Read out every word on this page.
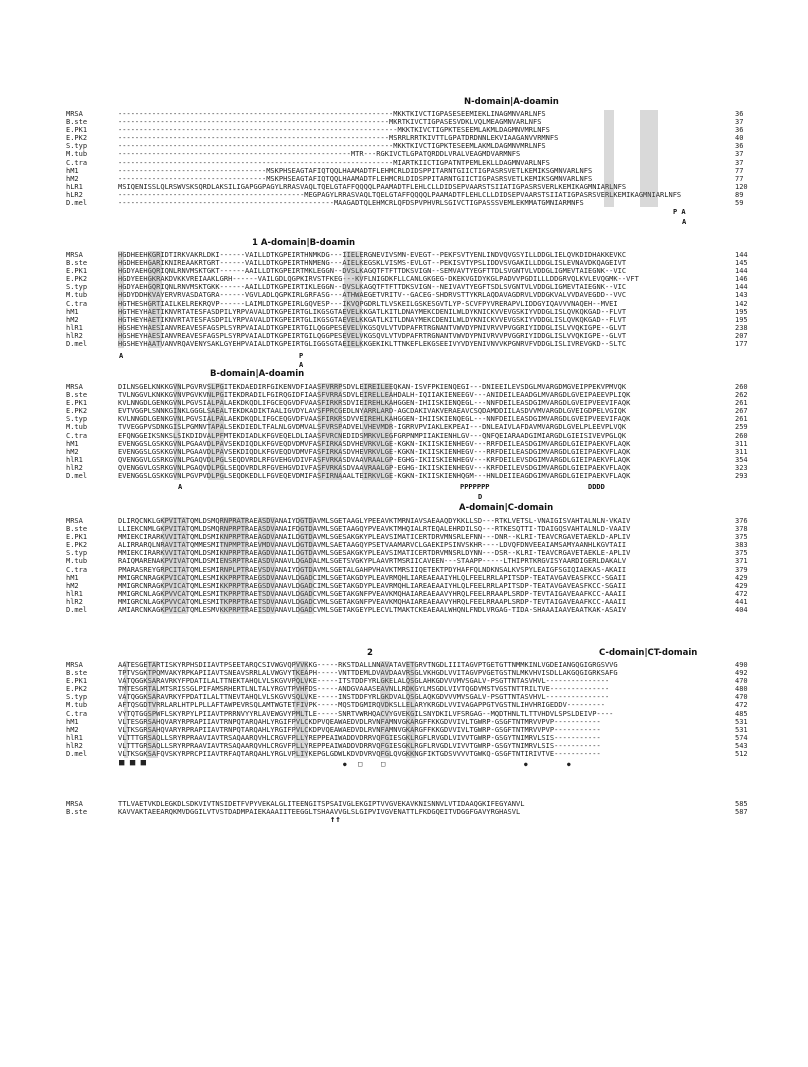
N-domain|A-doamin
MRSA	-----------------------------------------------------------------MKKTKIVCTIGPASESEEMIEKLINAGMNVARLNFS	36
B.ste	----------------------------------------------------------------MKRTKIVCTIGPASESVDKLVQLMEAGMNVARLNFS	37
E.PK1	------------------------------------------------------------------MKKTKIVCTIGPKTESEEMLAKMLDAGMNVMRLNFS	36
E.PK2	----------------------------------------------------------------MSRRLRRTKIVTTLGPATDRDNNLEKVIAAGANVVRMNFS	40
S.typ	-----------------------------------------------------------------MKKTKIVCTIGPKTESEEMLAKMLDAGMNVMRLNFS	36
M.tub	-------------------------------------------------------MTR---RGKIVCTLGPATQRDDLVRALVEAGMDVARMNFS	37
C.tra	-----------------------------------------------------------------MIARTKIICTIGPATNTPEMLEKLLDAGMNVARLNFS	37
hM1	-----------------------------------MSKPHSEAGTAFIQTQQLHAAMADTFLEHMCRLDIDSPPITARNTGIICTIGPASRSVETLKEMIKSGMNVARLNFS	77
hM2	-----------------------------------MSKPHSEAGTAFIQTQQLHAAMADTFLEHMCRLDIDSPPITARNTGIICTIGPASRSVETLKEMIKSGMNVARLNFS	77
hLR1	MSIQENISSLQLRSWVSKSQRDLAKSILIGAPGGPAGYLRRASVAQLTQELGTAFFQQQQLPAAMADTFLEHLCLLDIDSEPVAARSTSIIATIGPASRSVERLKEMIKAGMNIARLNFS	120
hLR2	--------------------------------------------MEGPAGYLRRASVAQLTQELGTAFFQQQQLPAAMADTFLEHLCLLDIDSEPVAARSTSIIATIGPASRSVERLKEMIKAGMNIARLNFS	89
D.mel	---------------------------------------------------MAAGADTQLEHMCRLQFDSPVPHVRLSGIVCTIGPASSSVEMLEKMMATGMNIARMNFS	59
P A
A
1 A-domain|B-doamin
MRSA	HGDHEEHKGRIDTIRKVAKRLDKI------VAILLDTKGPEIRTHNMKDG---IIELERGNEVIVSMN-EVEGT--PEKFSVTYENLINDVQVGSYILLDDGLIELQVKDIDHAKKEVKC	144
B.ste	HGDHEEHGARIKNIREAAKRTGRT------VAILLDTKGPEIRTHNMENG---AIELKEGSKLVISMS-EVLGT--PEKISVTYPSLIDDVSVGAKILLDDGLISLEVNAVDKQAGEIVT	145
E.PK1	HGDYAEHGQRIQNLRNVMSKTGKT------AAILLDTKGPEIRTMKLEGGN--DVSLKAGQTFTFTTDKSVIGN--SEMVAVTYEGFTTDLSVGNTVLVDDGLIGMEVTAIEGNK--VIC	144
E.PK2	HGDYEEHGKRAKDVKKVREIAAKLGRH------VAILGDLQGPKIRVSTFKEG---KVFLNIGDKFLLCANLGKGEG-DKEKVGIDYKGLPADVVPGDILLLDDGRVQLKVLEVQGMK--VFT	146
S.typ	HGDYAEHGQRIQNLRNVMSKTGKK------AAILLDTKGPEIRTIKLEGGN--DVSLKAGQTFTFTTDKSVIGN--NEIVAVTYEGFTSDLSVGNTVLVDDGLIGMEVTAIEGNK--VIC	144
M.tub	HGDYDDHKVAYERVRVASDATGRA------VGVLADLQGPKIRLGRFASG---ATHWAEGETVRITV--GACEG-SHDRVSTTYKRLAQDAVAGDRVLVDDGKVALVVDAVEGDD--VVC	143
C.tra	HGTHESHGRTIAILKELREKRQVP------LAIMLDTKGPEIRLGQVESP---IKVQPGDRLTLVSKEILGSKESGVTLYP-SCVFPYVRERAPVLIDDGYIQAVVVNAQEH--MVEI	142
hM1	HGTHEYHAETIKNVRTATESFASDPILYRPVAVALDTKGPEIRTGLIKGSGTAEVELKKGATLKITLDNAYMEKCDENILWLDYKNICKVVEVGSKIYVDDGLISLQVKQKGAD--FLVT	195
hM2	HGTHEYHAETIKNVRTATESFASDPILYRPVAVALDTKGPEIRTGLIKGSGTAEVELKKGATLKITLDNAYMEKCDENILWLDYKNICKVVEVGSKIYVDDGLISLQVKQKGAD--FLVT	195
hlR1	HGSHEYHAESIANVREAVESFAGSPLSYRPVAIALDTKGPEIRTGILQGGPESEVELVKGSQVLVTVDPAFRTRGNANTVWVDYPNIVRVVPVGGRIYIDDGLISLVVQKIGPE--GLVT	238
hlR2	HGSHEYHAESIANVREAVESFAGSPLSYRPVAIALDTKGPEIRTGILQGGPESEVELVKGSQVLVTVDPAFRTRGNANTVWVDYPNIVRVVPVGGRIYIDDGLISLVVQKIGPE--GLVT	207
D.mel	HGSHEYHAATVANVRQAVENYSAKLGYEHPVAIALDTKGPEIRTGLIGGSGTAEIELKKGEKIKLTTNKEFLEKGSEEIVYVDYENIVNVVKPGNRVFVDDGLISLIVREVGKD--SLTC	177
A	P
A
B-domain|A-doamin
MRSA	DILNSGELKNKKGVNLPGVRVSLPGITEKDAEDIRFGIKENVDFIAASFVRRPSDVLEIREILEEQKAN-ISVFPKIENQEGI---DNIEEILEVSDGLMVARGDMGVEIPPEKVPMVQK	260
B.ste	TVLNGGVLKNKKGVNVPGVKVNLPGITEKDRADILFGIRQGIDFIAASFVRRASDVLEIRELLEAHDALH-IQIIAKIENEEGV---ANIDEILEAADGLMVARGDLGVEIPAEEVPLIQK	262
E.PK1	KVLNNGDLGENKGVNLPGVSIALPALAEKDKQDLIFGCEQGVDFVAASFIRKRSDVIEIREHLKAHGGEN-IHIISKIENQEGL---NNFDEILEASDGIMVARGDLGVEIPVEEVIFAQK	261
E.PK2	EVTVGGPLSNNKGINKLGGGLSAEALTEKDKADIKTAALIGVDYLAVSFPRCGEDLNYARRLARD-AGCDAKIVAKVERAEAVCSQDAMDDIILASDVVMVARGDLGVEIGDPELVGIQK	267
S.typ	KVLNNGDLGENKGVNLPGVSIALPALAEKDKQDLIFGCEQGVDFVAASFIRKRSDVVEIREHLKAHGGEN-IHIISKIENQEGL---NNFDEILEASDGIMVARGDLGVEIPVEEVIFAQK	261
M.tub	TVVEGGPVSDNKGISLPGMNVTAPALSEKDIEDLTFALNLGVDMVALSFVRSPADVELVHEVMDR-IGRRVPVIAKLEKPEAI---DNLEAIVLAFDAVMVARGDLGVELPLEEVPLVQK	259
C.tra	EFQNGGEIKSNKSLSIKDIDVALPFMTEKDIADLKFGVEQELDLIAASFVRCNEDIDSMRKVLEGFGRPNMPIIAKIENHLGV---QNFQEIARAADGIMIARGDLGIEISIVEVPGLQK	260
hM1	EVENGGSLGSKKGVNLPGAAVDLPAVSEKDIQDLKFGVEQDVDMVFASFIRKASDVHEVRKVLGE-KGKN-IKIISKIENHEGV---RRFDEILEASDGIMVARGDLGIEIPAEKVFLAQK	311
hM2	EVENGGSLGSKKGVNLPGAAVDLPAVSEKDIQDLKFGVEQDVDMVFASFIRKASDVHEVRKVLGE-KGKN-IKIISKIENHEGV---RRFDEILEASDGIMVARGDLGIEIPAEKVFLAQK	311
hlR1	QVENGGVLGSRKGVNLPGAQVDLPGLSEQDVRDLRFGVEHGVDIVFASFVRKASDVAAVRAALGP-EGHG-IKIISKIENHEGV---KRFDEILEVSDGIMVARGDLGIEIPAEKVFLAQK	354
hlR2	QVENGGVLGSRKGVNLPGAQVDLPGLSEQDVRDLRFGVEHGVDIVFASFVRKASDVAAVRAALGP-EGHG-IKIISKIENHEGV---KRFDEILEVSDGIMVARGDLGIEIPAEKVFLAQK	323
D.mel	EVENGGSLGSKKGVNLPGVPVDLPGLSEQDKEDLLFGVEQEVDMIFASFIRNAAALTEIRKVLGE-KGKN-IKIISKIENHQGM---HNLDEIIEAGDGIMVARGDLGIEIPAEKVFLAQK	293
A	PPPPPPP	DDDD
D
A-domain|C-domain
MRSA	DLIRQCNKLGKPVITATQMLDSMQRNPRATRAEASDVANAIYDGTDAVMLSGETAAGLYPEEAVKTMRNIAVSAEAAQDYKKLLSD---RTKLVETSL-VNAIGISVAHTALNLN-VKAIV	376
B.ste	LLIEKCNMLGKPVITATQMLDSMQRNPRPTRAEASDVANAIFDGTDAVMLSGETAAGQYPVEAVKTMHQIALRTEQALEHRDILSQ---RTKESQTTI-TDAIGQSVAHTALNLD-VAAIV	378
E.PK1	MMIEKCIRARKVVITATQMLDSMIKNPRPTRAEAGDVANAILDGTDAVMLSGESAKGKYPLEAVSIMATICERTDRVMNSRLEFNN---DNR--KLRI-TEAVCRGAVETAEKLD-APLIV	375
E.PK2	ALIRRARQLNRAVITATQMMESMITNPMPTRAEVMDVANAVLDGTDAVMLSAETAAGQYPSETVAAMARVCLGAEKIPSINVSKHR----LDVQFDNVEEAIAMSAMYAANHLKGVTAII	383
S.typ	MMIEKCIRARKVVITATQMLDSMIKNPRPTRAEAGDVANAILDGTDAVMLSGESAKGKYPLEAVSIMATICERTDRVMNSRLDYNN---DSR--KLRI-TEAVCRGAVETAEKLE-APLIV	375
M.tub	RAIQMARENAKPVIVATQMLDSMIENSRPTRAEASDVANAVLDGADALMLSGETSVGKYPLAAVRTMSRIICAVEEN---STAAPP-----LTHIPRTKRGVISYAARDIGERLDAKALV	371
C.tra	PMARASREYGRPCITATQMLESMIRNPLPTRAEVSDVANAIYDGTDAVMLSGETALGAHPVHAVKTMRSIIQETEKTPDYHAFFQLNDKNSALKVSPYLEAIGFSGIQIAEKAS-AKAII	379
hM1	MMIGRCNRAGKPVICATQMLESMIKKPRPTRAEGSDVANAVLDGADCIMLSGETAKGDYPLEAVRMQHLIAREAEAAIYHLQLFEELRRLAPITSDP-TEATAVGAVEASFKCC-SGAII	429
hM2	MMIGRCNRAGKPVICATQMLESMIKKPRPTRAEGSDVANAVLDGADCIMLSGETAKGDYPLEAVRMQHLIAREAEAAIYHLQLFEELRRLAPITSDP-TEATAVGAVEASFKCC-SGAII	429
hlR1	MMIGRCNLAGKPVVCATQMLESMITKPRPTRAETSDVANAVLDGADCVMLSGETAKGNFPVEAVKMQHAIAREAEAAVYHRQLFEELRRAAPLSRDP-TEVTAIGAVEAAFKCC-AAAII	472
hlR2	MMIGRCNLAGKPVVCATQMLESMITKPRPTRAETSDVANAVLDGADCVMLSGETAKGNFPVEAVKMQHAIAREAEAAVYHRQLFEELRRAAPLSRDP-TEVTAIGAVEAAFKCC-AAAII	441
D.mel	AMIARCNKAGKPVICATQMLESMVKKPRPTRAEISDVANAVLDGADCVMLSGETAKGEYPLECVLTMAKTCKEAEAALWHQNLFNDLVRGAG-TIDA-SHAAAIAAVEAATKAK-ASAIV	404
2	C-domain|CT-domain
MRSA	AATESGETARTISKYRPHSDIIAVTPSEETARQCSIVWGVQPVVKKG-----RKSTDALLNNAVATAVETGRVTNGDLIIITAGVPTGETGTTNMMKINLVGDEIANGQGIGRGSVVG	490
B.ste	TPTVSGKTPQMVAKYRPKAPIIAVTSNEAVSRRLALVWGVYTKEAPH-----VNTTDEMLDVAVDAAVRSGLVKHGDLVVITAGVPVGETGSTNLMKVHVISDLLAKGQGIGRKSAFG	492
E.PK1	VATQGGKSARAVRKYFPDATILALTTNEKTAHQLVLSKGVVPQLVKE-----ITSTDDFYRLGKELALQSGLAHKGDVVVMVSGALV-PSGTTNTASVHVL---------------	470
E.PK2	TMTESGRTALMTSRISSGLPIFAMSRHERTLNLTALYRGVTPVHFDS-----ANDGVAAASEAVNLLRDKGYLMSGDLVIVTQGDVMSTVGSTNTTRILTVE--------------	480
S.typ	VATQGGKSARAVRKYFPDATILALTTNEVTAHQLVLSKGVVSQLVKE-----INSTDDFYRLGKDVALQSGLAQKGDVVVMVSGALV-PSGTTNTASVHVL---------------	470
M.tub	AFTQSGDTVRRLARLHTPLPLLAFTAWPEVRSQLAMTWGTETFIVPK-----MQSTDGMIRQVDKSLLELARYKRGDLVVIVAGAPPGTVGSTNLIHVHRIGEDDV---------	472
C.tra	VYTQTGGSPWFLSKYRPYLPIIAVTPRRNVYYRLAVEWGVYPMLTLE-----SNRTVWRHQACVYGVEKGILSNYDKILVFSRGAG--MQDTHNLTLTTVHDVLSPSLDEIVP----	485
hM1	VLTESGRSAHQVARYRPRAPIIAVTRNPQTARQAHLYRGIFPVLCKDPVQEAWAEDVDLRVNFAMNVGKARGFFKKGDVVIVLTGWRP-GSGFTNTMRVVPVP-----------	531
hM2	VLTKSGRSAHQVARYRPRAPIIAVTRNPQTARQAHLYRGIFPVLCKDPVQEAWAEDVDLRVNFAMNVGKARGFFKKGDVVIVLTGWRP-GSGFTNTMRVVPVP-----------	531
hlR1	VLTTTGRSAQLLSRYRPRAAVIAVTRSAQAARQVHLCRGVFPLLYREPPEAIWADDVDRRVQFGIESGKLRGFLRVGDLVIVVTGWRP-GSGYTNIMRVLSIS-----------	574
hlR2	VLTTTGRSAQLLSRYRPRAAVIAVTRSAQAARQVHLCRGVFPLLYREPPEAIWADDVDRRVQFGIESGKLRGFLRVGDLVIVVTGWRP-GSGYTNIMRVLSIS-----------	543
D.mel	VLTKSGKSAFQVSKYRPRCPIIAVTRFAQTARQAHLYRGLVPLIYKEPGLGDWLKDVDVRVQFGLQVGKKNGFIKTGDSVVVVTGWKQ-GSGFTNTIRIVTVE-----------	512
■ ■ ■	● □	□	●	●
MRSA	TTLVAETVKDLEGKDLSDKVIVTNSIDETFVPYVEKALGLITEENGITSPSAIVGLEKGIPTVVGVEKAVKNISNNVLVTIDAAQGKIFEGYANVL	585
B.ste	KAVVAKTAEEARQKMVDGGILVTVSTDADMPAIEKAAAIITEEGGLTSHAAVVGLSLGIPVIVGVENATTLFKDGQEITVDGGFGAVYRGHASVL	587
↑↑
